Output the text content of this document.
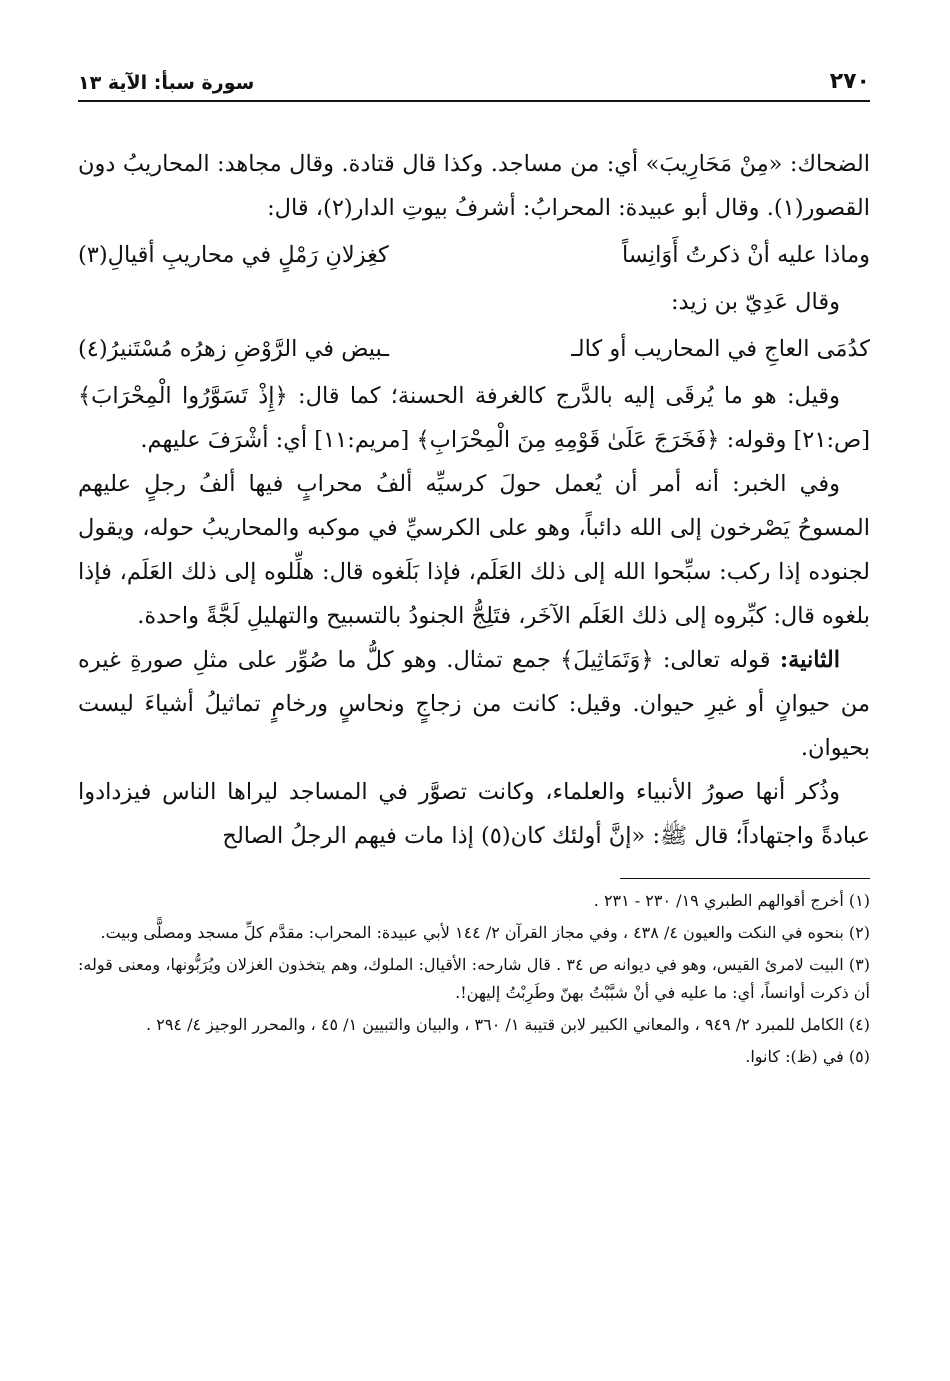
٢٧٠
سورة سبأ: الآية ١٣

الضحاك: «مِنْ مَحَارِيبَ» أي: من مساجد. وكذا قال قتادة. وقال مجاهد: المحاريبُ دون القصور(١). وقال أبو عبيدة: المحرابُ: أشرفُ بيوتِ الدار(٢)، قال:

وماذا عليه أنْ ذكرتُ أَوَانِساً
كغِزلانِ رَمْلٍ في محاريبِ أقيالِ(٣)

وقال عَدِيّ بن زيد:

كدُمَى العاجِ في المحاريب أو كالـ
ـبيض في الرَّوْضِ زهرُه مُسْتَنيرُ(٤)

وقيل: هو ما يُرقَى إليه بالدَّرج كالغرفة الحسنة؛ كما قال: ﴿إِذْ تَسَوَّرُوا الْمِحْرَابَ﴾ [ص:٢١] وقوله: ﴿فَخَرَجَ عَلَىٰ قَوْمِهِ مِنَ الْمِحْرَابِ﴾ [مريم:١١] أي: أشْرَفَ عليهم.

وفي الخبر: أنه أمر أن يُعمل حولَ كرسيِّه ألفُ محرابٍ فيها ألفُ رجلٍ عليهم المسوحُ يَصْرخون إلى الله دائباً، وهو على الكرسيِّ في موكبه والمحاريبُ حوله، ويقول لجنوده إذا ركب: سبِّحوا الله إلى ذلك العَلَم، فإذا بَلَغوه قال: هلِّلوه إلى ذلك العَلَم، فإذا بلغوه قال: كبِّروه إلى ذلك العَلَم الآخَر، فتَلِجُّ الجنودُ بالتسبيح والتهليلِ لَجَّةً واحدة.

الثانية: قوله تعالى: ﴿وَتَمَاثِيلَ﴾ جمع تمثال. وهو كلُّ ما صُوِّر على مثلِ صورةِ غيره من حيوانٍ أو غيرِ حيوان. وقيل: كانت من زجاجٍ ونحاسٍ ورخامٍ تماثيلُ أشياءَ ليست بحيوان.

وذُكر أنها صورُ الأنبياء والعلماء، وكانت تصوَّر في المساجد ليراها الناس فيزدادوا عبادةً واجتهاداً؛ قال ﷺ: «إنَّ أولئك كان(٥) إذا مات فيهم الرجلُ الصالح

(١) أخرج أقوالهم الطبري ١٩/ ٢٣٠ - ٢٣١ .

(٢) بنحوه في النكت والعيون ٤/ ٤٣٨ ، وفي مجاز القرآن ٢/ ١٤٤ لأبي عبيدة: المحراب: مقدَّم كلِّ مسجد ومصلًّى وبيت.

(٣) البيت لامرئ القيس، وهو في ديوانه ص ٣٤ . قال شارحه: الأقيال: الملوك، وهم يتخذون الغزلان ويُرَبُّونها، ومعنى قوله: أن ذكرت أوانساً، أي: ما عليه في أنْ شبَّبْتُ بهنّ وطَرِبْتُ إليهن!.

(٤) الكامل للمبرد ٢/ ٩٤٩ ، والمعاني الكبير لابن قتيبة ١/ ٣٦٠ ، والبيان والتبيين ١/ ٤٥ ، والمحرر الوجيز ٤/ ٢٩٤ .

(٥) في (ظ): كانوا.
